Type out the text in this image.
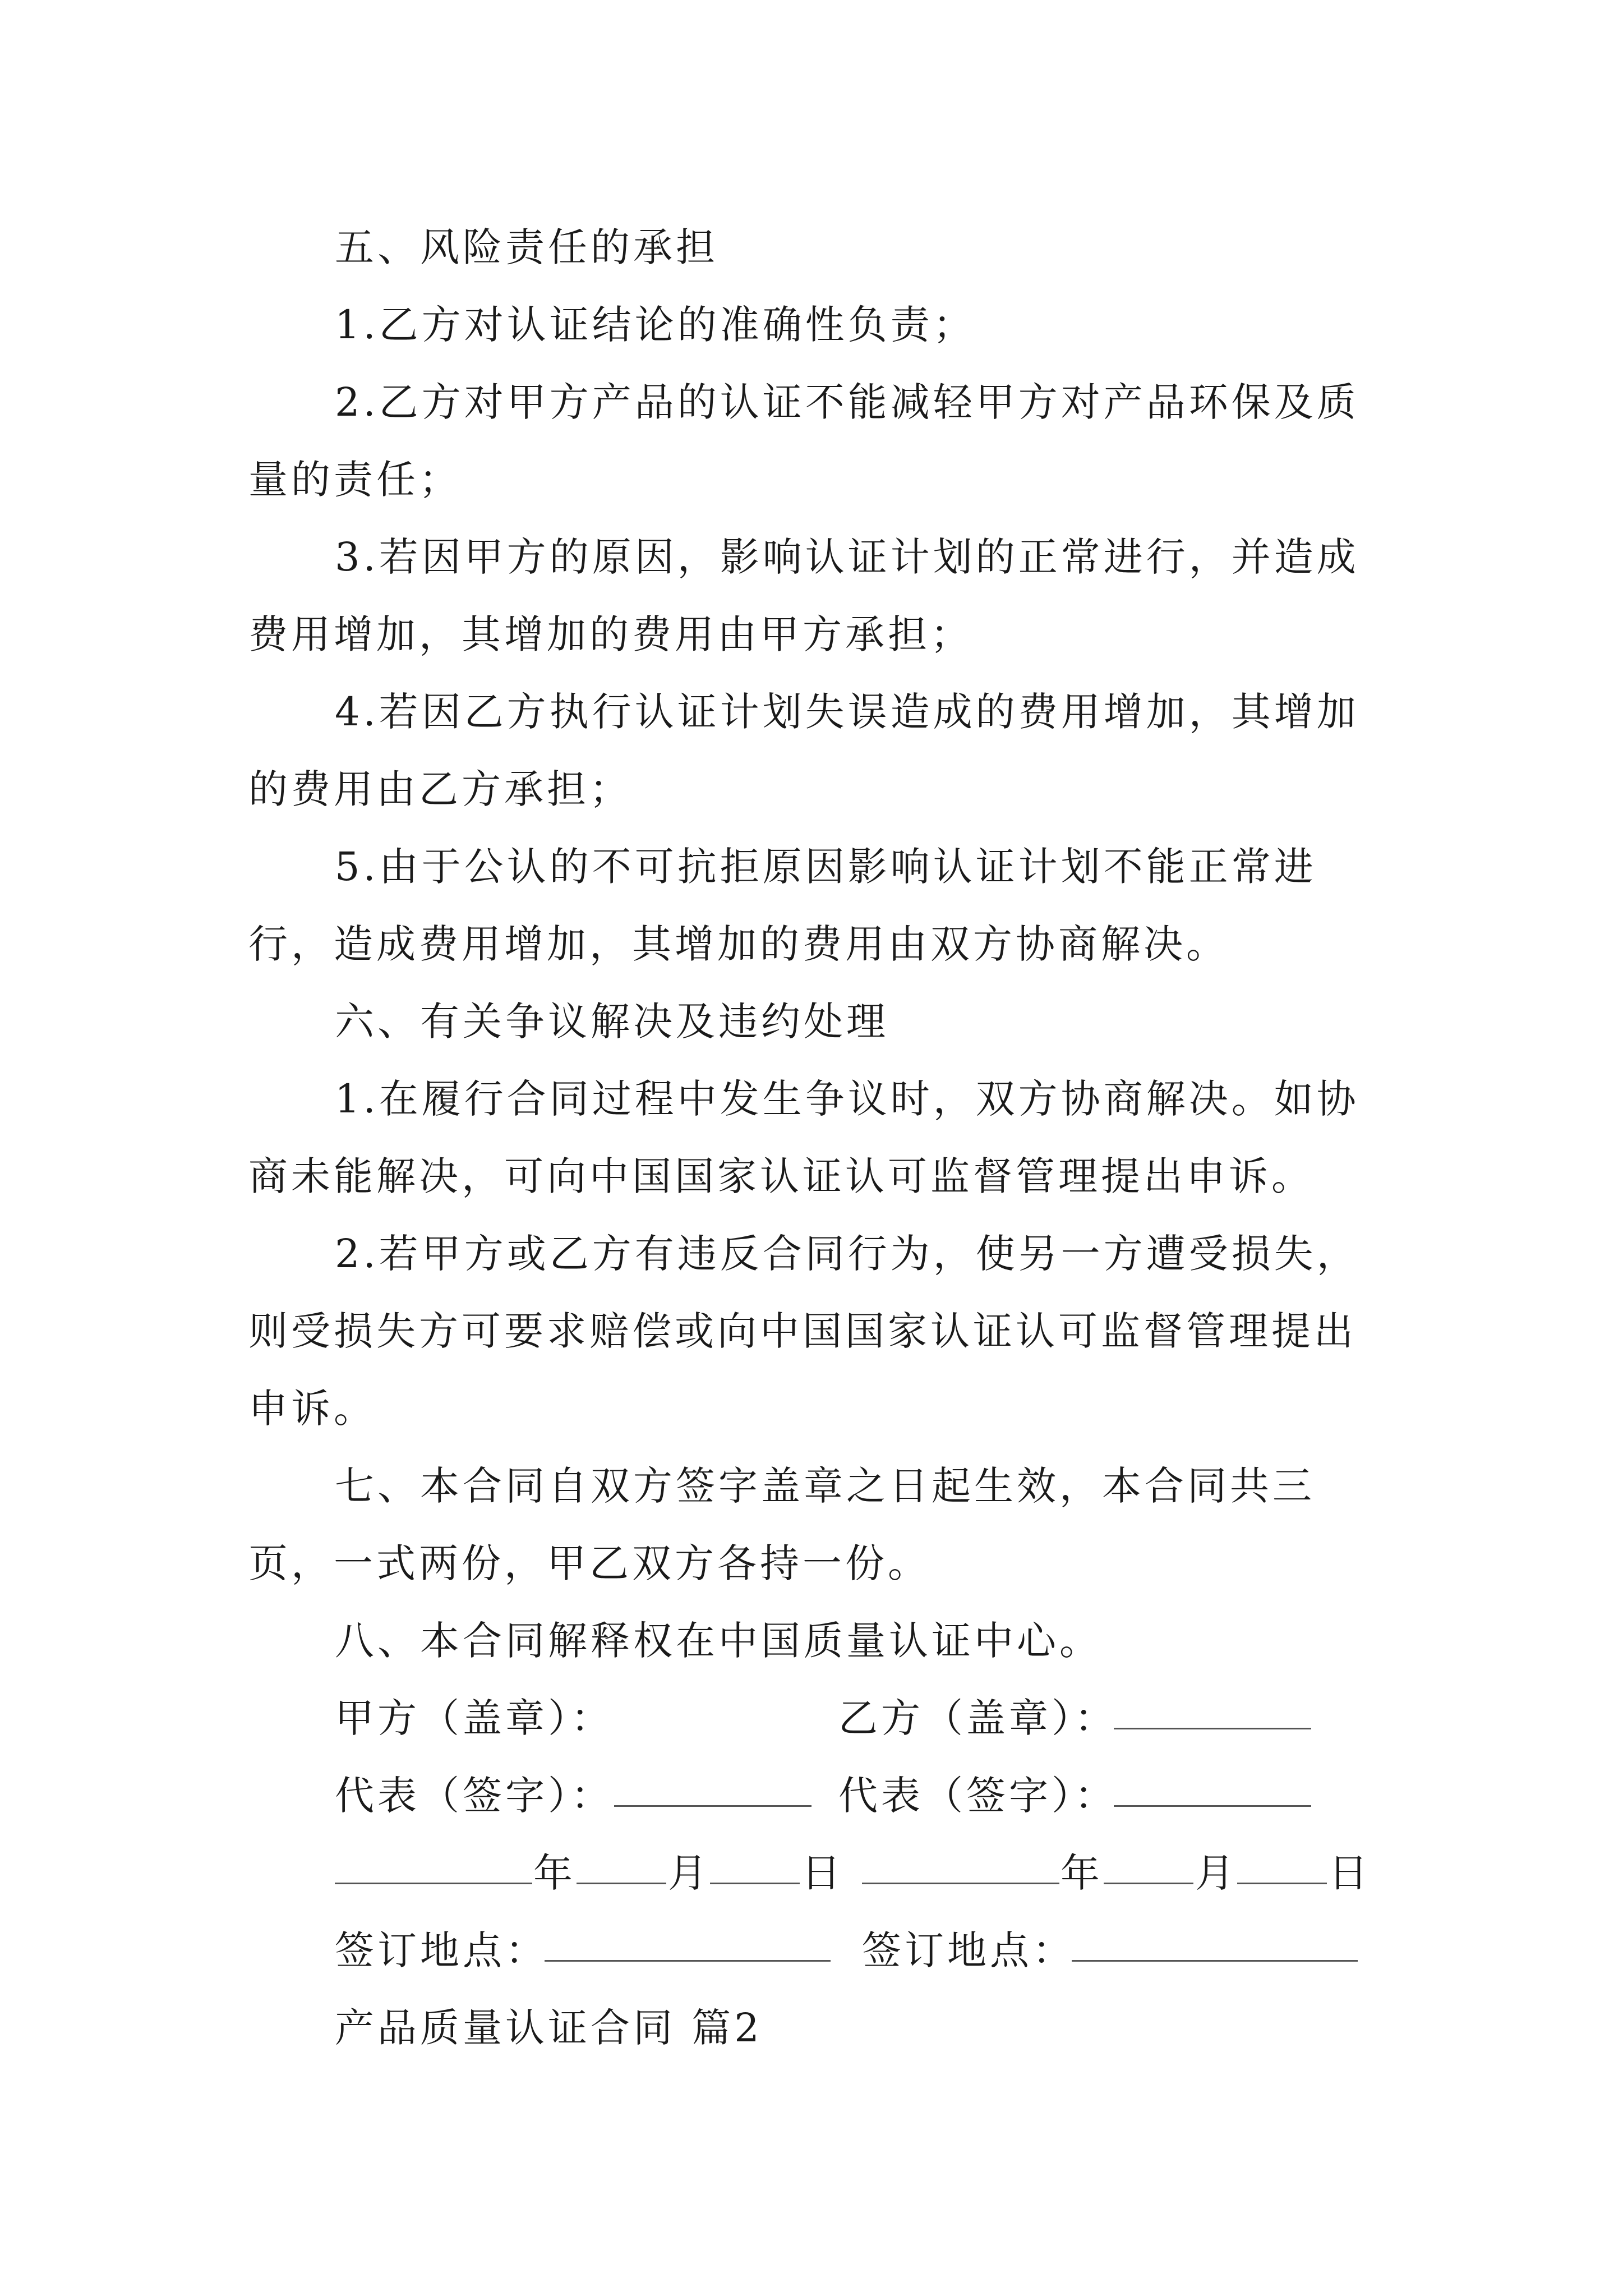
五、风险责任的承担

1.乙方对认证结论的准确性负责；

2.乙方对甲方产品的认证不能减轻甲方对产品环保及质量的责任；

3.若因甲方的原因，影响认证计划的正常进行，并造成费用增加，其增加的费用由甲方承担；

4.若因乙方执行认证计划失误造成的费用增加，其增加的费用由乙方承担；

5.由于公认的不可抗拒原因影响认证计划不能正常进行，造成费用增加，其增加的费用由双方协商解决。

六、有关争议解决及违约处理

1.在履行合同过程中发生争议时，双方协商解决。如协商未能解决，可向中国国家认证认可监督管理提出申诉。

2.若甲方或乙方有违反合同行为，使另一方遭受损失，则受损失方可要求赔偿或向中国国家认证认可监督管理提出申诉。

七、本合同自双方签字盖章之日起生效，本合同共三页，一式两份，甲乙双方各持一份。

八、本合同解释权在中国质量认证中心。

甲方（盖章）：	乙方（盖章）：
代表（签字）：	代表（签字）：
年 月 日	年 月 日
签订地点：	签订地点：

产品质量认证合同 篇2
